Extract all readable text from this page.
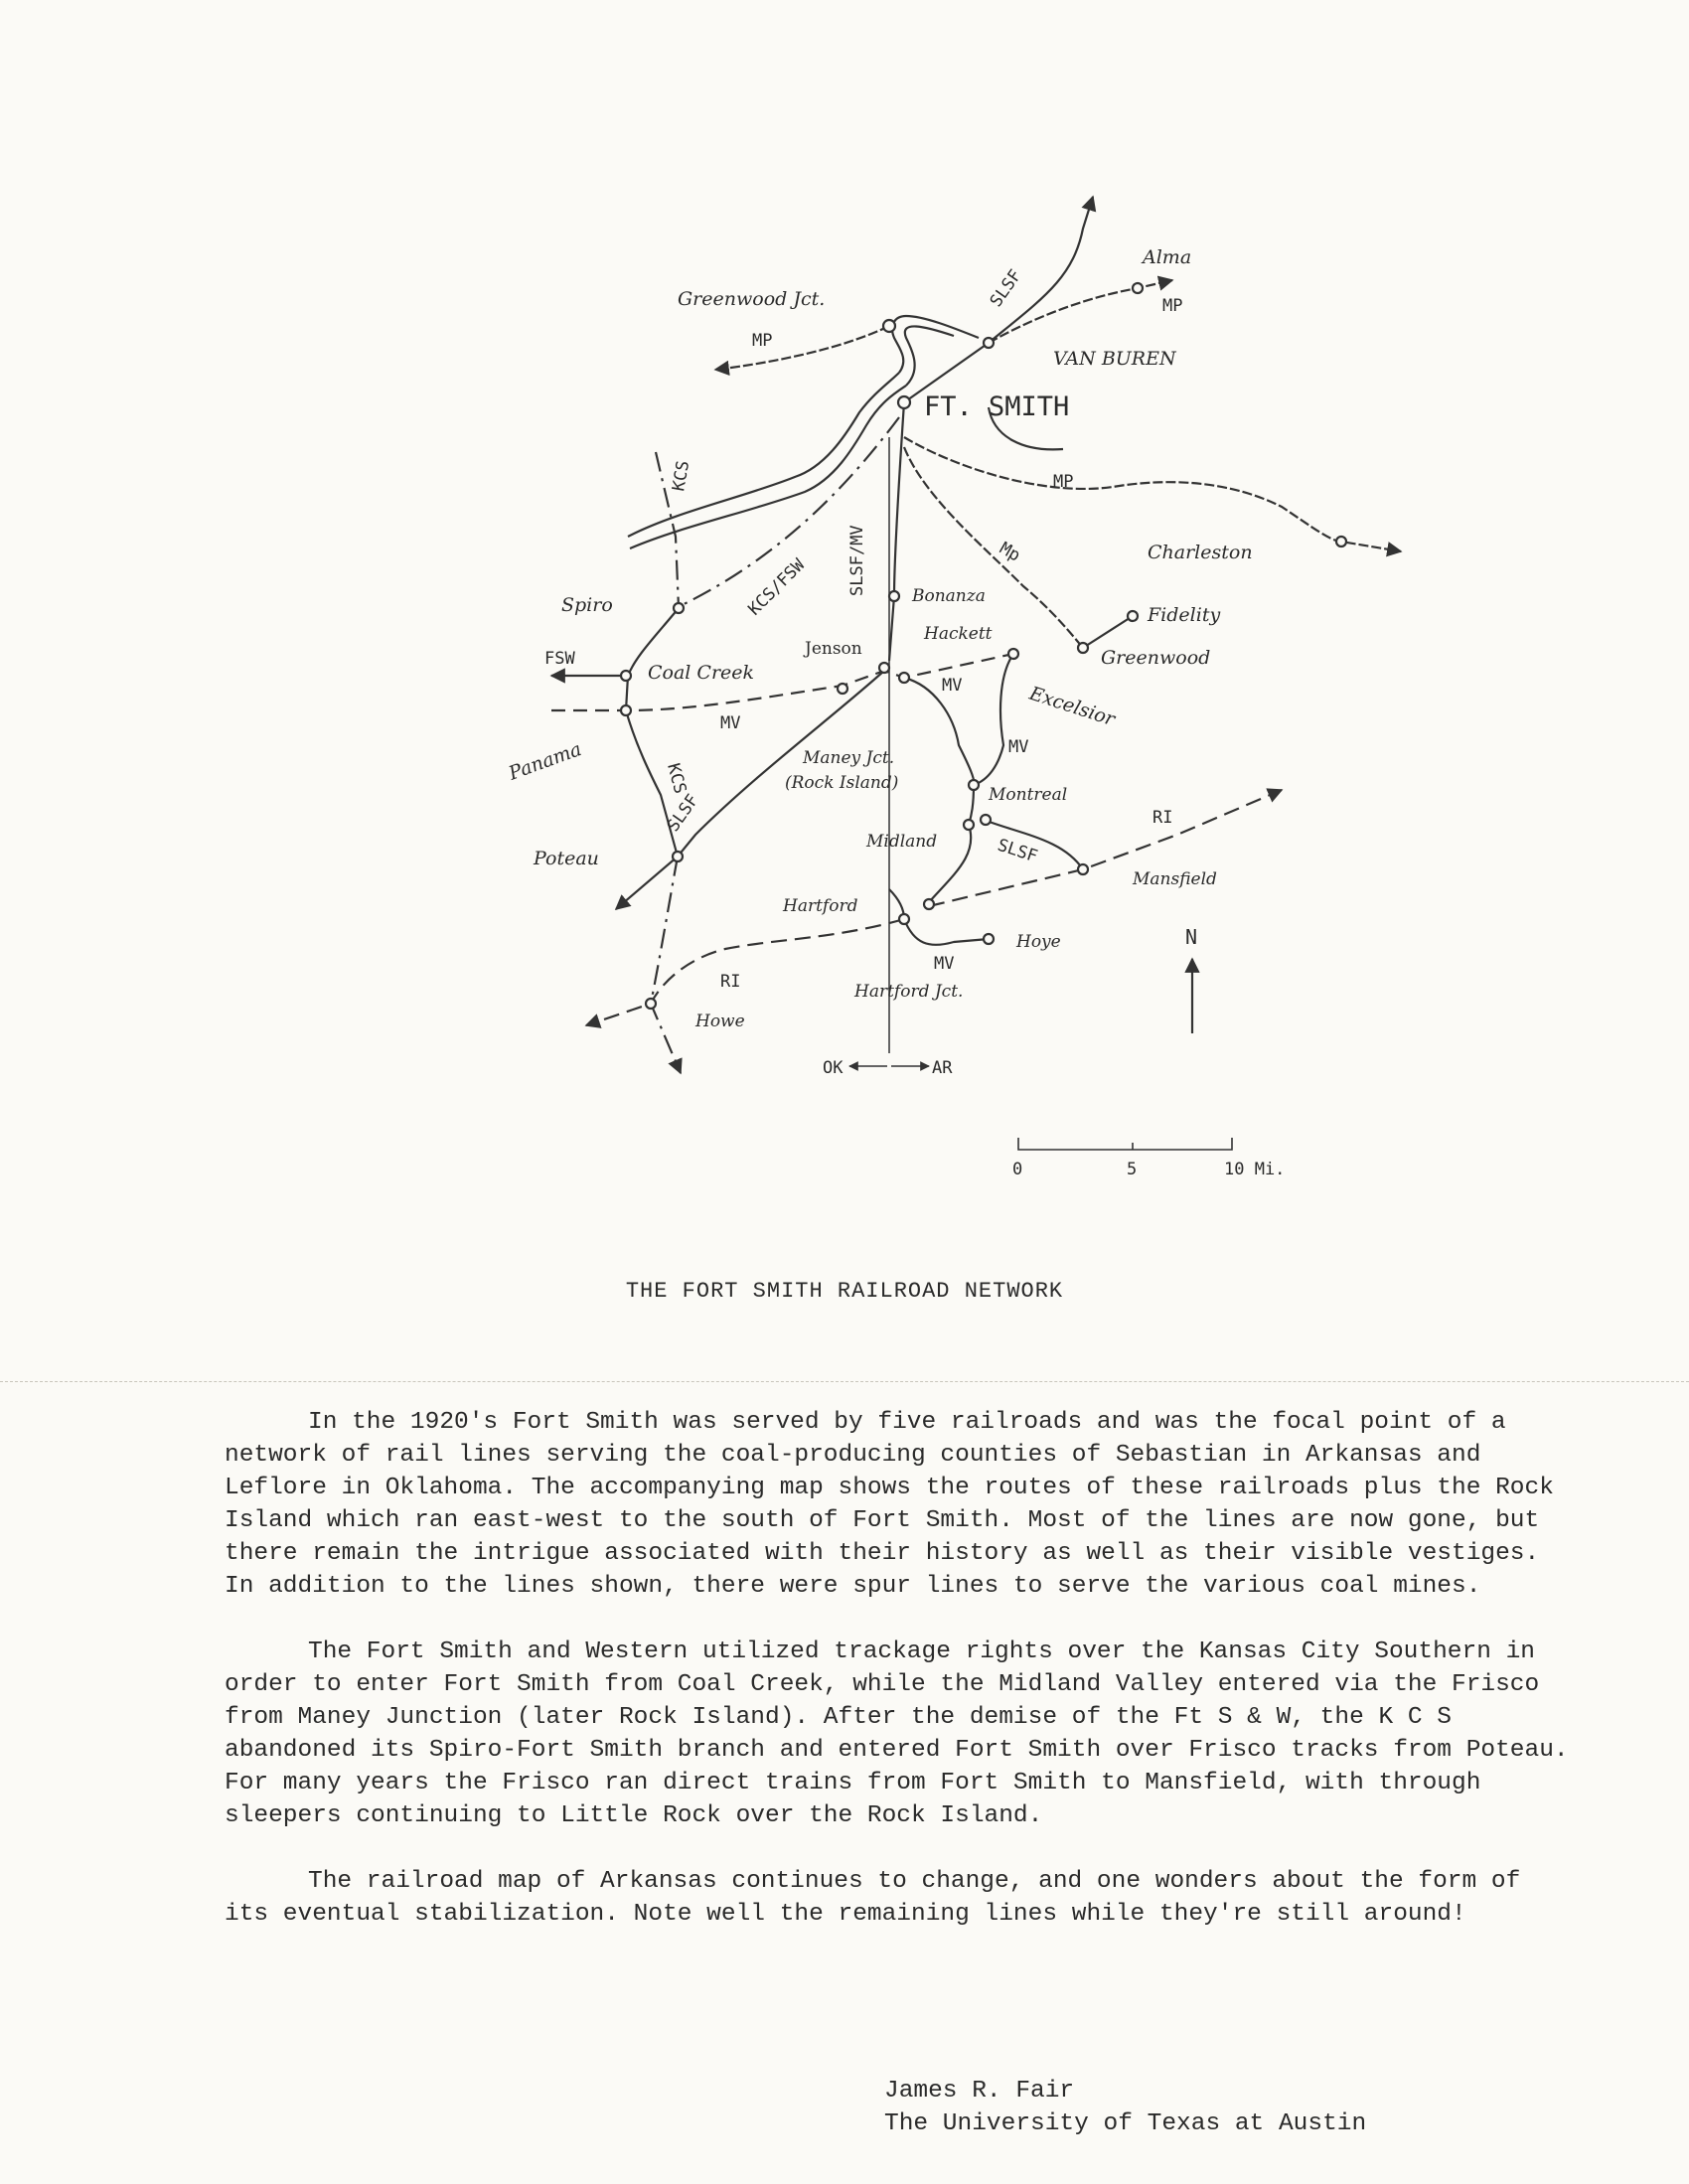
FT. SMITH
VAN BUREN
Alma
Greenwood Jct.
Charleston
Fidelity
Greenwood
Bonanza
Hackett
Jenson
Excelsior
Spiro
Coal Creek
Panama	Maney Jct.
(Rock Island)
Montreal
Midland
Mansfield
Poteau
Hartford
Hoye
Hartford Jct.
Howe
SLSF	MP
MP
MP
Mp
KCS
KCS/FSW SLSF/MV
FSW
MV
MV
MV
KCS
SLSF
SLSF
RI
RI
MV
OK	AR
N
0	5	10 Mi.
THE FORT SMITH RAILROAD NETWORK

In the 1920's Fort Smith was served by five railroads and was the focal point of a network of rail lines serving the coal-producing counties of Sebastian in Arkansas and Leflore in Oklahoma. The accompanying map shows the routes of these railroads plus the Rock Island which ran east-west to the south of Fort Smith. Most of the lines are now gone, but there remain the intrigue associated with their history as well as their visible vestiges. In addition to the lines shown, there were spur lines to serve the various coal mines.

The Fort Smith and Western utilized trackage rights over the Kansas City Southern in order to enter Fort Smith from Coal Creek, while the Midland Valley entered via the Frisco from Maney Junction (later Rock Island). After the demise of the Ft S & W, the K C S abandoned its Spiro-Fort Smith branch and entered Fort Smith over Frisco tracks from Poteau. For many years the Frisco ran direct trains from Fort Smith to Mansfield, with through sleepers continuing to Little Rock over the Rock Island.

The railroad map of Arkansas continues to change, and one wonders about the form of its eventual stabilization. Note well the remaining lines while they're still around!

James R. Fair
The University of Texas at Austin
